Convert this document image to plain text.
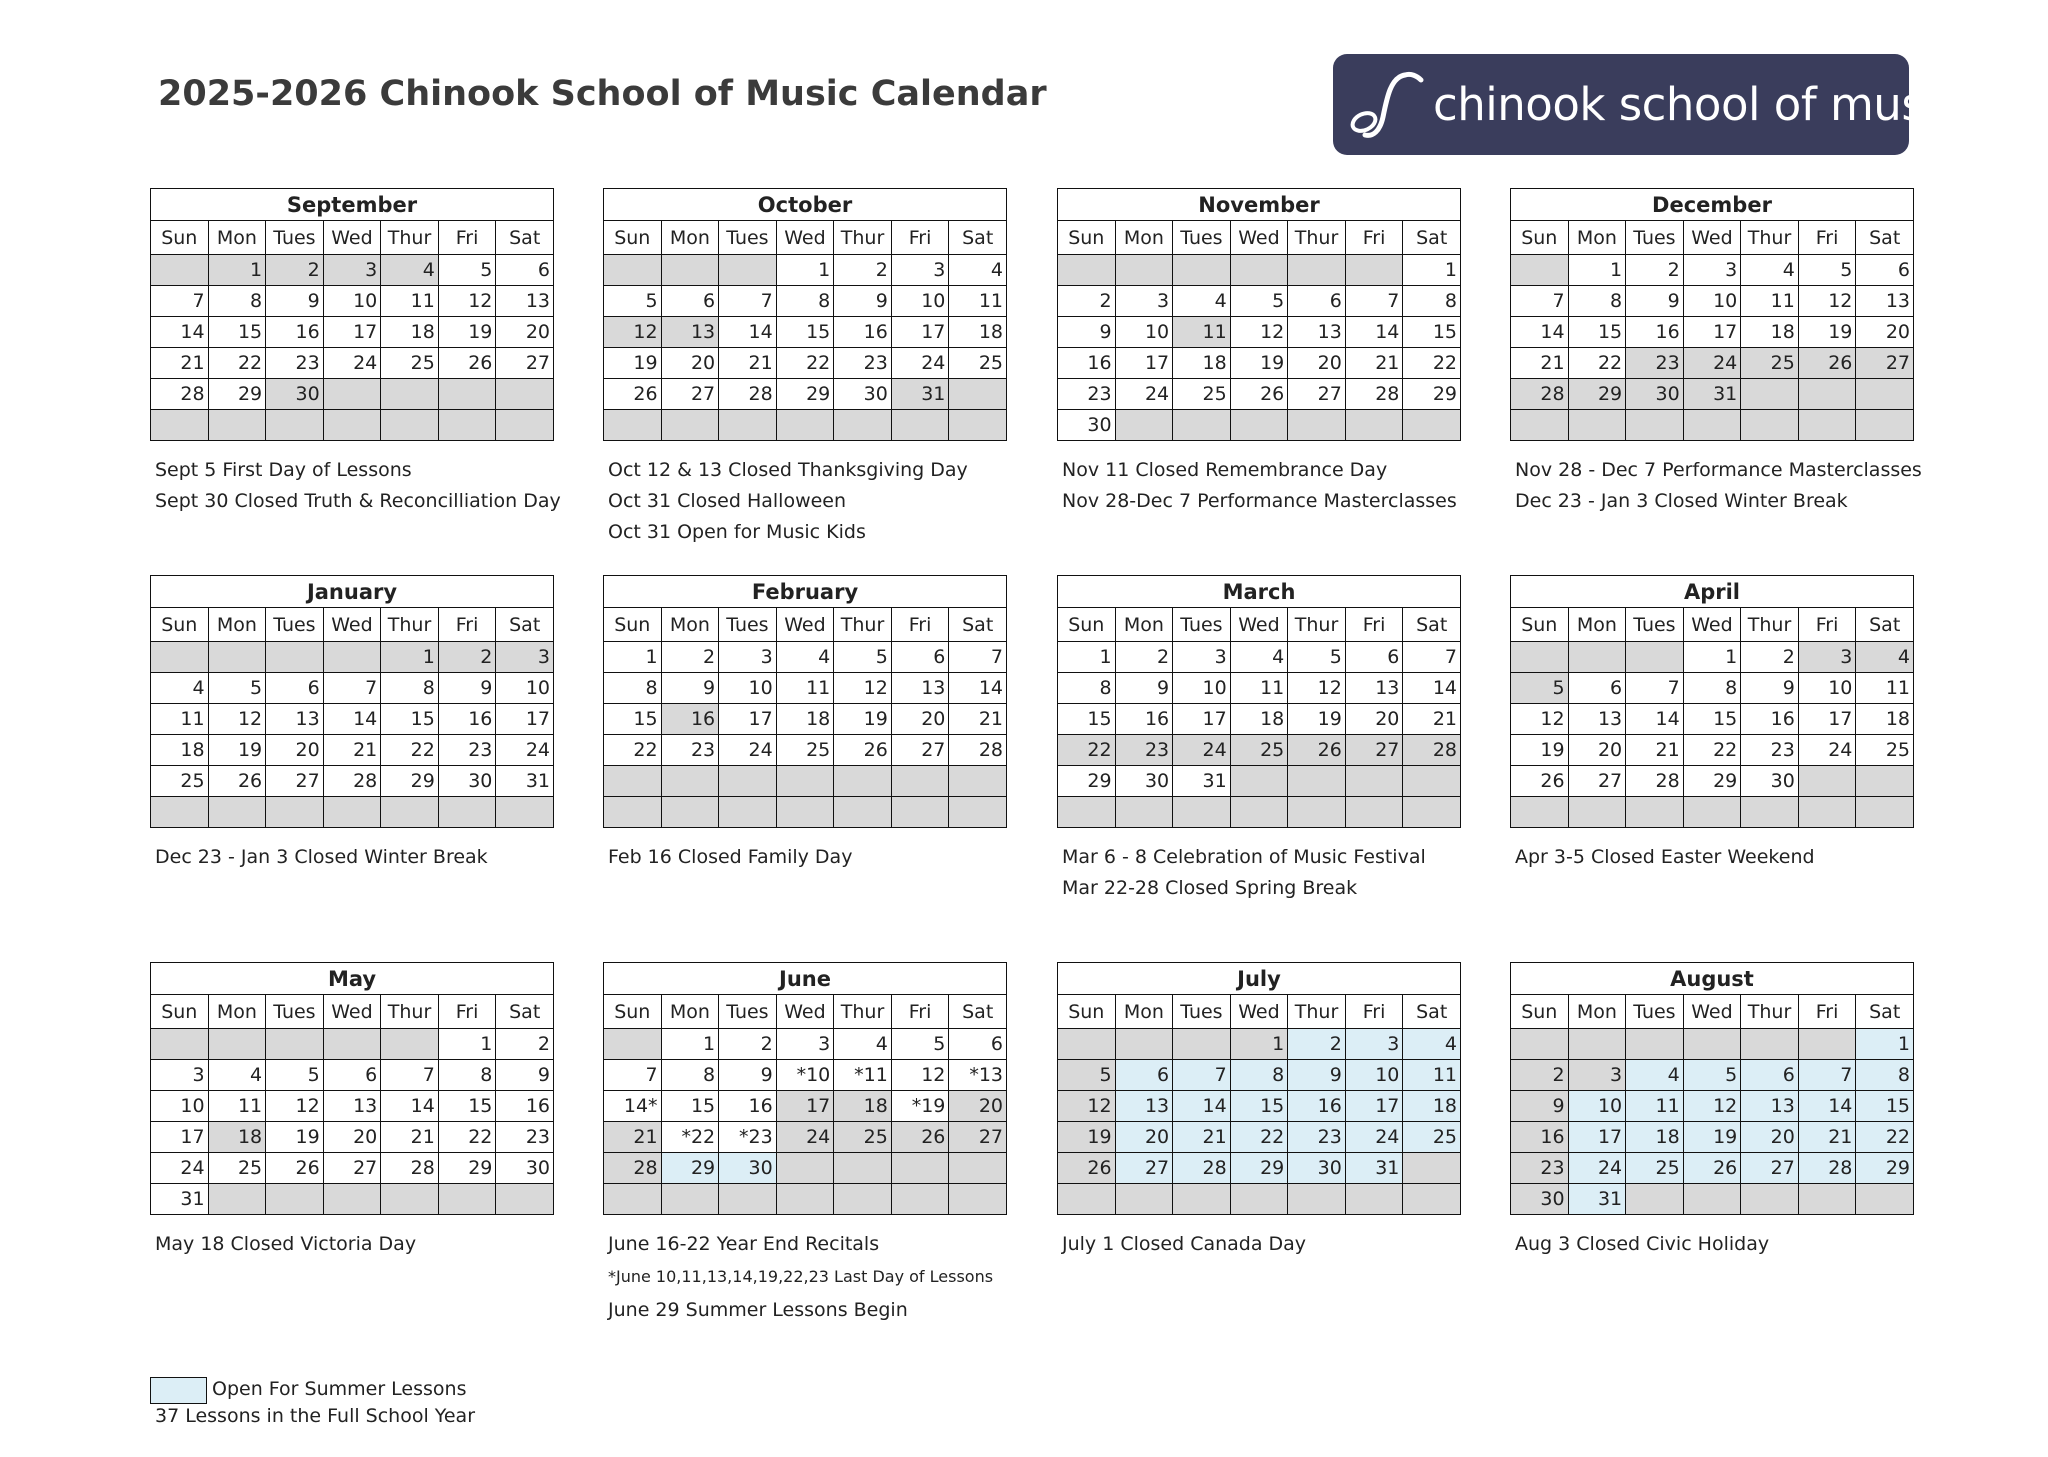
2025-2026 Chinook School of Music Calendar	chinook school of music
September						
Sun	Mon	Tues	Wed	Thur	Fri	Sat
	1	2	3	4	5	6
7	8	9	10	11	12	13
14	15	16	17	18	19	20
21	22	23	24	25	26	27
28	29	30				

Sept 5 First Day of Lessons
Sept 30 Closed Truth & Reconcilliation Day
October						
Sun	Mon	Tues	Wed	Thur	Fri	Sat
			1	2	3	4
5	6	7	8	9	10	11
12	13	14	15	16	17	18
19	20	21	22	23	24	25
26	27	28	29	30	31	

Oct 12 & 13 Closed Thanksgiving Day
Oct 31 Closed Halloween
Oct 31 Open for Music Kids
November						
Sun	Mon	Tues	Wed	Thur	Fri	Sat
						1
2	3	4	5	6	7	8
9	10	11	12	13	14	15
16	17	18	19	20	21	22
23	24	25	26	27	28	29
30						
Nov 11 Closed Remembrance Day
Nov 28-Dec 7 Performance Masterclasses
December						
Sun	Mon	Tues	Wed	Thur	Fri	Sat
	1	2	3	4	5	6
7	8	9	10	11	12	13
14	15	16	17	18	19	20
21	22	23	24	25	26	27
28	29	30	31			

Nov 28 - Dec 7 Performance Masterclasses
Dec 23 - Jan 3 Closed Winter Break
January						
Sun	Mon	Tues	Wed	Thur	Fri	Sat
				1	2	3
4	5	6	7	8	9	10
11	12	13	14	15	16	17
18	19	20	21	22	23	24
25	26	27	28	29	30	31

Dec 23 - Jan 3 Closed Winter Break
February						
Sun	Mon	Tues	Wed	Thur	Fri	Sat
1	2	3	4	5	6	7
8	9	10	11	12	13	14
15	16	17	18	19	20	21
22	23	24	25	26	27	28

Feb 16 Closed Family Day
March						
Sun	Mon	Tues	Wed	Thur	Fri	Sat
1	2	3	4	5	6	7
8	9	10	11	12	13	14
15	16	17	18	19	20	21
22	23	24	25	26	27	28
29	30	31				

Mar 6 - 8 Celebration of Music Festival
Mar 22-28 Closed Spring Break
April						
Sun	Mon	Tues	Wed	Thur	Fri	Sat
			1	2	3	4
5	6	7	8	9	10	11
12	13	14	15	16	17	18
19	20	21	22	23	24	25
26	27	28	29	30		

Apr 3-5 Closed Easter Weekend
May						
Sun	Mon	Tues	Wed	Thur	Fri	Sat
					1	2
3	4	5	6	7	8	9
10	11	12	13	14	15	16
17	18	19	20	21	22	23
24	25	26	27	28	29	30
31						
May 18 Closed Victoria Day
June						
Sun	Mon	Tues	Wed	Thur	Fri	Sat
	1	2	3	4	5	6
7	8	9	*10	*11	12	*13
14*	15	16	17	18	*19	20
21	*22	*23	24	25	26	27
28	29	30				

June 16-22 Year End Recitals
*June 10,11,13,14,19,22,23 Last Day of Lessons
June 29 Summer Lessons Begin
July						
Sun	Mon	Tues	Wed	Thur	Fri	Sat
			1	2	3	4
5	6	7	8	9	10	11
12	13	14	15	16	17	18
19	20	21	22	23	24	25
26	27	28	29	30	31	

July 1 Closed Canada Day
August						
Sun	Mon	Tues	Wed	Thur	Fri	Sat
						1
2	3	4	5	6	7	8
9	10	11	12	13	14	15
16	17	18	19	20	21	22
23	24	25	26	27	28	29
30	31					
Aug 3 Closed Civic Holiday
Open For Summer Lessons
37 Lessons in the Full School Year
